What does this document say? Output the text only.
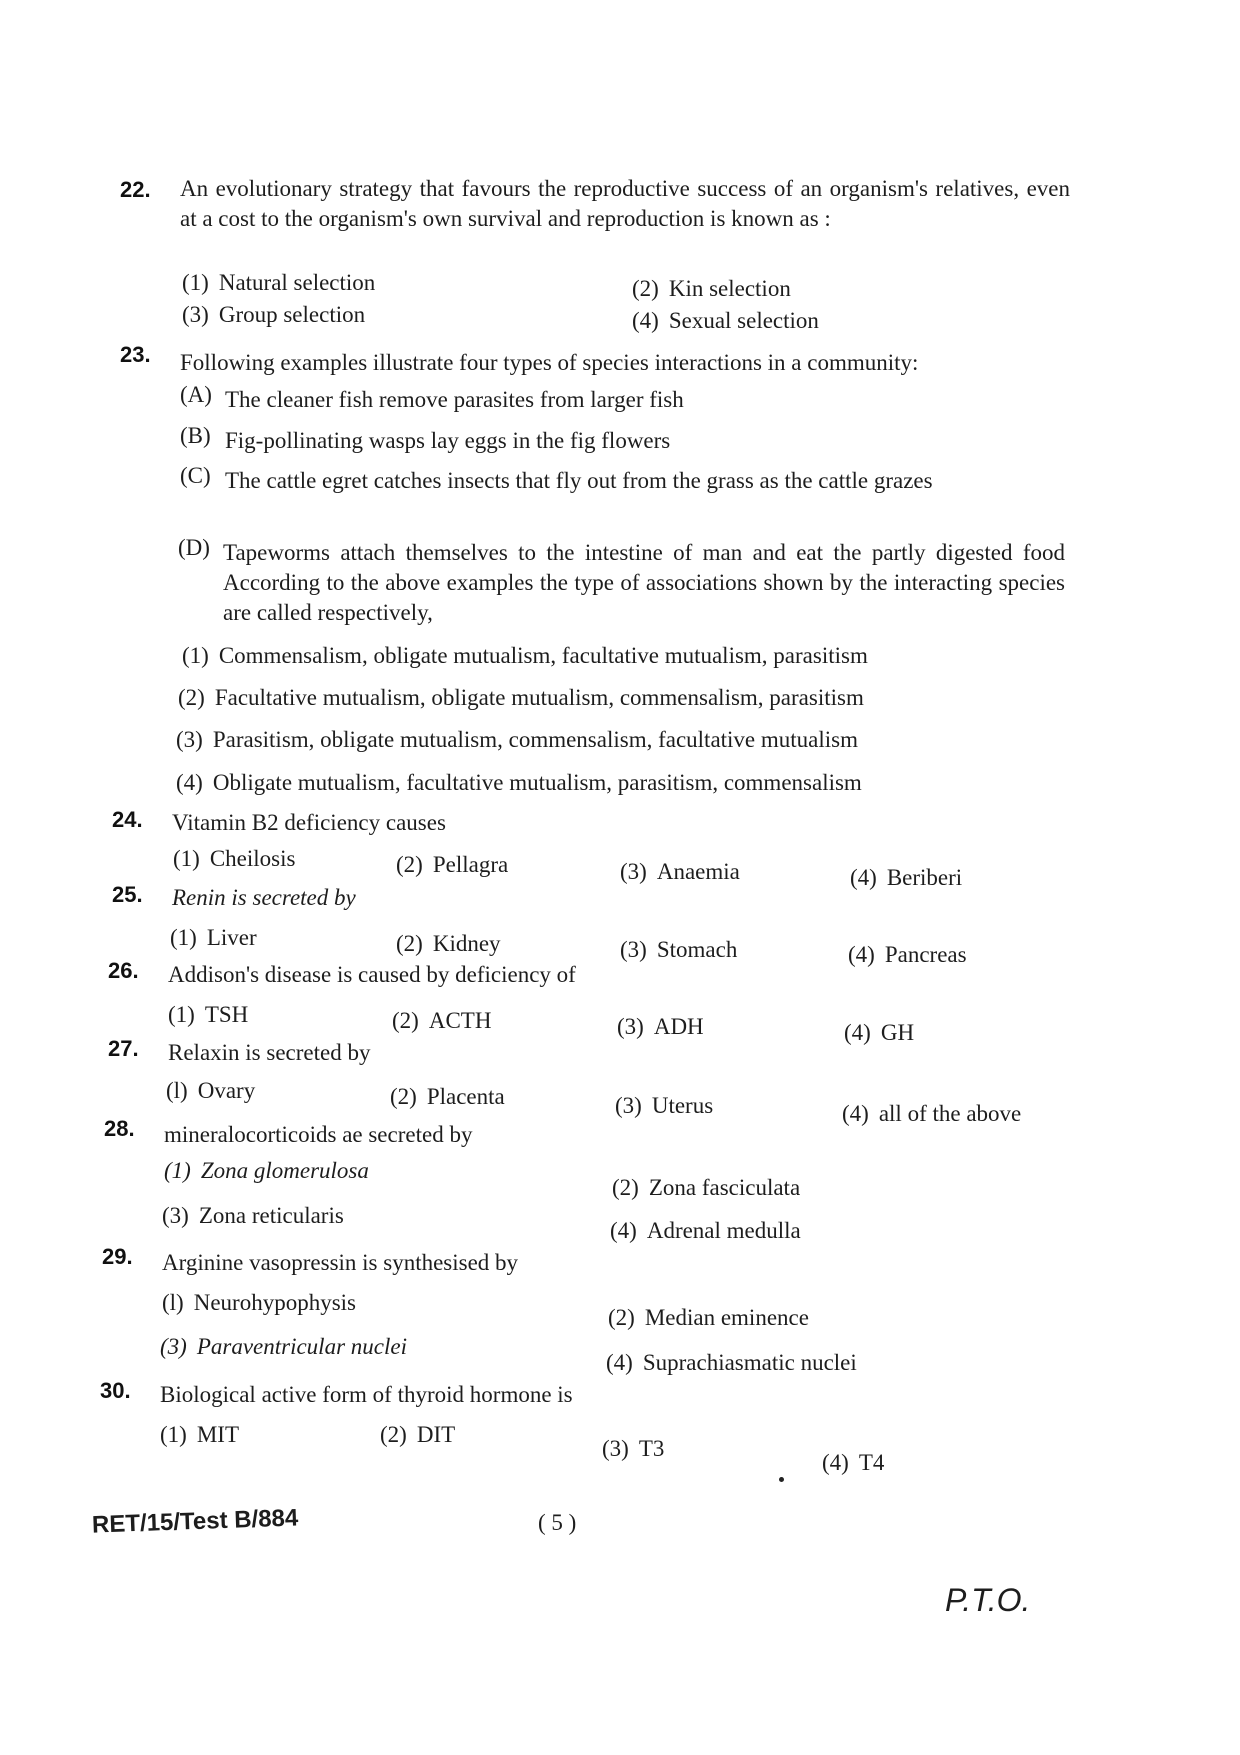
22. An evolutionary strategy that favours the reproductive success of an organism's relatives, even at a cost to the organism's own survival and reproduction is known as :
(1) Natural selection	(2) Kin selection
(3) Group selection	(4) Sexual selection
23. Following examples illustrate four types of species interactions in a community:
(A) The cleaner fish remove parasites from larger fish
(B) Fig-pollinating wasps lay eggs in the fig flowers
(C) The cattle egret catches insects that fly out from the grass as the cattle grazes
(D) Tapeworms attach themselves to the intestine of man and eat the partly digested food According to the above examples the type of associations shown by the interacting species are called respectively,
(1) Commensalism, obligate mutualism, facultative mutualism, parasitism
(2) Facultative mutualism, obligate mutualism, commensalism, parasitism
(3) Parasitism, obligate mutualism, commensalism, facultative mutualism
(4) Obligate mutualism, facultative mutualism, parasitism, commensalism
24. Vitamin B2 deficiency causes
(1) Cheilosis	(2) Pellagra	(3) Anaemia	(4) Beriberi
25. Renin is secreted by
(1) Liver	(2) Kidney	(3) Stomach	(4) Pancreas
26. Addison's disease is caused by deficiency of
(1) TSH	(2) ACTH	(3) ADH	(4) GH
27. Relaxin is secreted by
(l) Ovary	(2) Placenta	(3) Uterus	(4) all of the above
28. mineralocorticoids ae secreted by
(1) Zona glomerulosa
(2) Zona fasciculata
(3) Zona reticularis
(4) Adrenal medulla
29. Arginine vasopressin is synthesised by
(l) Neurohypophysis
(2) Median eminence
(3) Paraventricular nuclei
(4) Suprachiasmatic nuclei
30. Biological active form of thyroid hormone is
(1) MIT	(2) DIT
(3) T3
(4) T4
RET/15/Test B/884	( 5 )
P.T.O.
